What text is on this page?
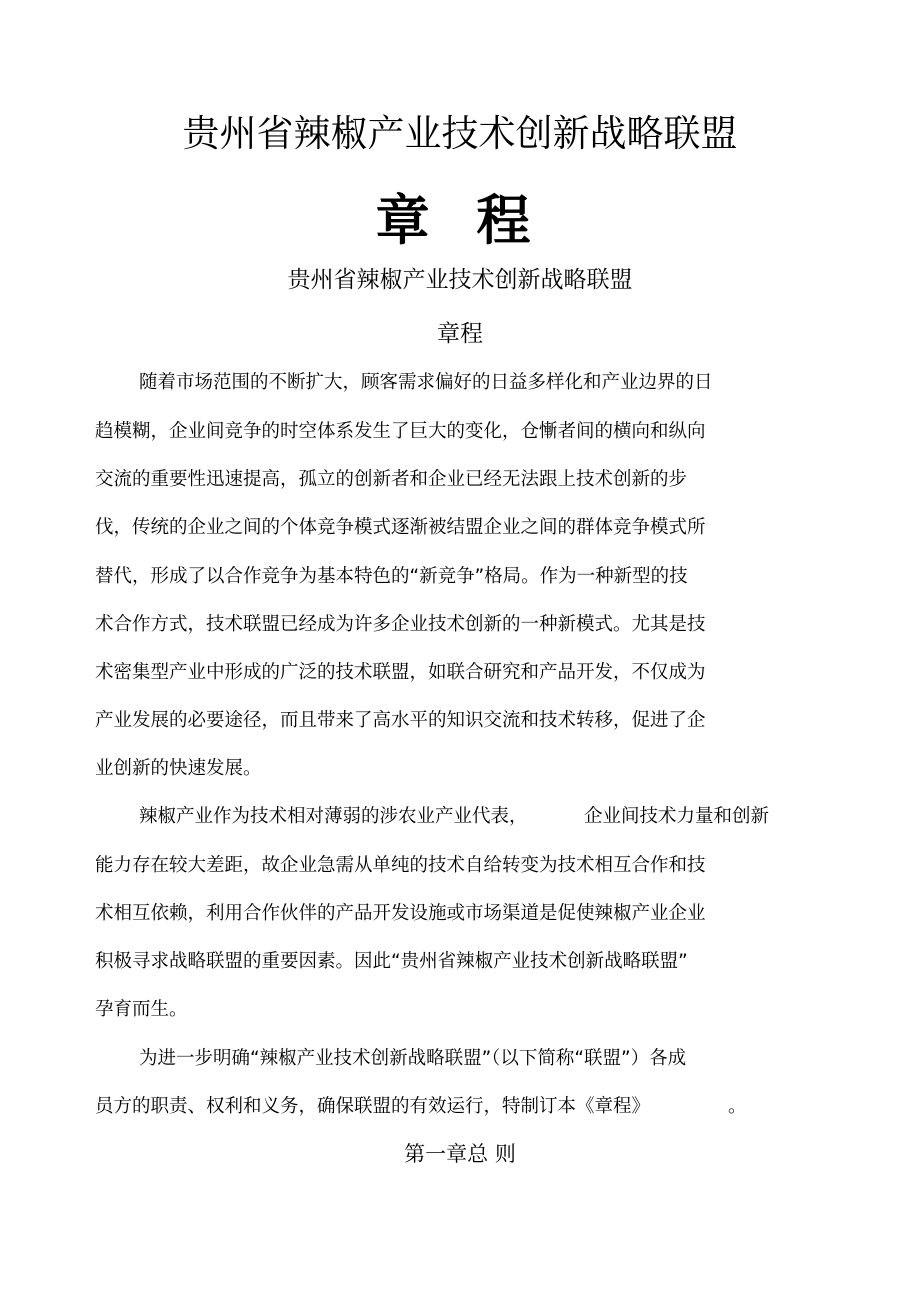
贵州省辣椒产业技术创新战略联盟
章 程
贵州省辣椒产业技术创新战略联盟
章程
随着市场范围的不断扩大，顾客需求偏好的日益多样化和产业边界的日
趋模糊，企业间竞争的时空体系发生了巨大的变化，仓慚者间的横向和纵向
交流的重要性迅速提高，孤立的创新者和企业已经无法跟上技术创新的步
伐，传统的企业之间的个体竞争模式逐渐被结盟企业之间的群体竞争模式所
替代，形成了以合作竞争为基本特色的“新竞争”格局。作为一种新型的技
术合作方式，技术联盟已经成为许多企业技术创新的一种新模式。尤其是技
术密集型产业中形成的广泛的技术联盟，如联合研究和产品开发，不仅成为
产业发展的必要途径，而且带来了高水平的知识交流和技术转移，促进了企
业创新的快速发展。
辣椒产业作为技术相对薄弱的涉农业产业代表，	企业间技术力量和创新
能力存在较大差距，故企业急需从单纯的技术自给转变为技术相互合作和技
术相互依赖，利用合作伙伴的产品开发设施或市场渠道是促使辣椒产业企业
积极寻求战略联盟的重要因素。因此“贵州省辣椒产业技术创新战略联盟”
孕育而生。
为进一步明确“辣椒产业技术创新战略联盟”（以下简称“联盟”）各成
员方的职责、权利和义务，确保联盟的有效运行，特制订本《章程》	。
第一章总 则
